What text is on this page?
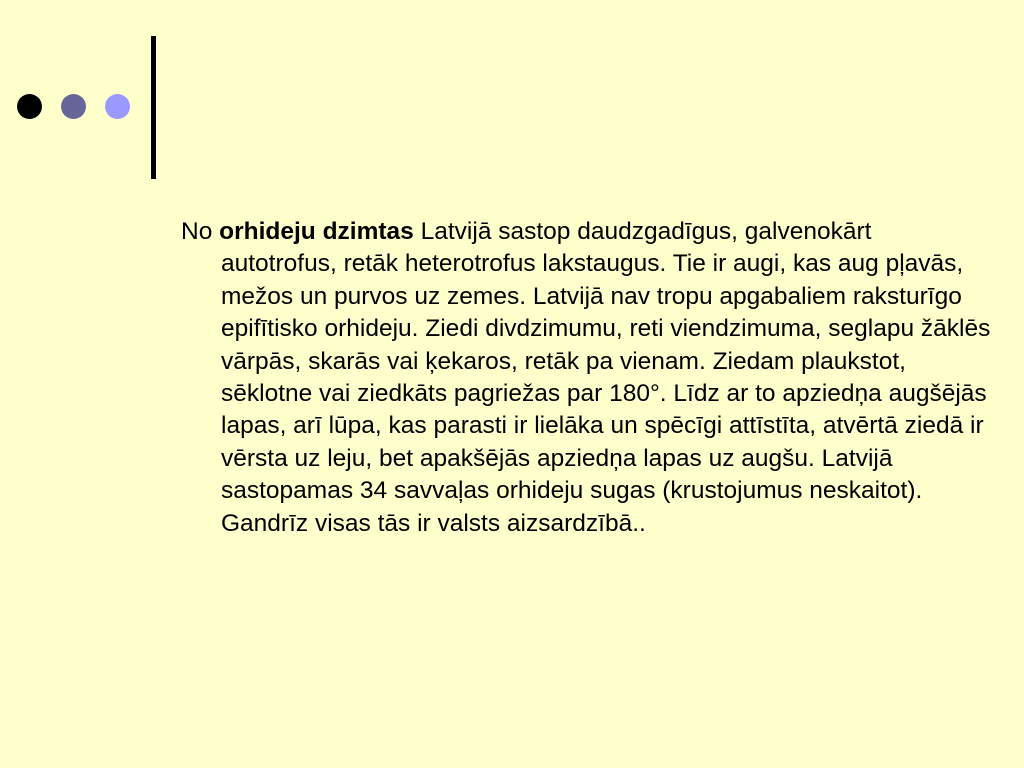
No orhideju dzimtas Latvijā sastop daudzgadīgus, galvenokārt autotrofus, retāk heterotrofus lakstaugus. Tie ir augi, kas aug pļavās, mežos un purvos uz zemes. Latvijā nav tropu apgabaliem raksturīgo epifītisko orhideju. Ziedi divdzimumu, reti viendzimuma, seglapu žāklēs vārpās, skarās vai ķekaros, retāk pa vienam. Ziedam plaukstot, sēklotne vai ziedkāts pagriežas par 180°. Līdz ar to apziedņa augšējās lapas, arī lūpa, kas parasti ir lielāka un spēcīgi attīstīta, atvērtā ziedā ir vērsta uz leju, bet apakšējās apziedņa lapas uz augšu. Latvijā sastopamas 34 savvaļas orhideju sugas (krustojumus neskaitot). Gandrīz visas tās ir valsts aizsardzībā..
